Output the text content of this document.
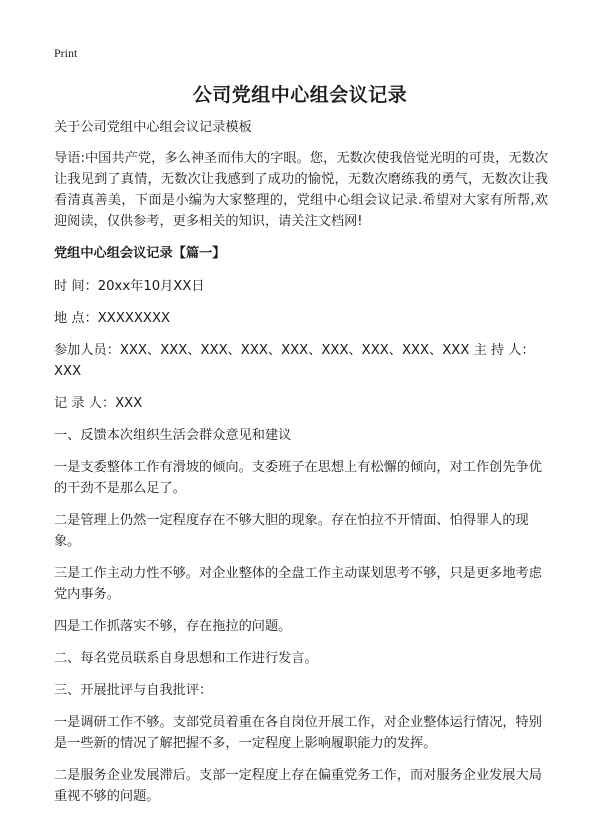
Print
公司党组中心组会议记录

关于公司党组中心组会议记录模板

导语:中国共产党，多么神圣而伟大的字眼。您，无数次使我倍觉光明的可贵，无数次让我见到了真情，无数次让我感到了成功的愉悦，无数次磨练我的勇气，无数次让我看清真善美，下面是小编为大家整理的，党组中心组会议记录.希望对大家有所帮,欢迎阅读，仅供参考，更多相关的知识，请关注文档网!

党组中心组会议记录【篇一】

时 间：20xx年10月XX日

地 点：XXXXXXXX

参加人员：XXX、XXX、XXX、XXX、XXX、XXX、XXX、XXX、XXX 主 持 人：XXX

记 录 人：XXX

一、反馈本次组织生活会群众意见和建议

一是支委整体工作有滑坡的倾向。支委班子在思想上有松懈的倾向，对工作创先争优的干劲不是那么足了。

二是管理上仍然一定程度存在不够大胆的现象。存在怕拉不开情面、怕得罪人的现象。

三是工作主动力性不够。对企业整体的全盘工作主动谋划思考不够，只是更多地考虑党内事务。

四是工作抓落实不够，存在拖拉的问题。

二、每名党员联系自身思想和工作进行发言。

三、开展批评与自我批评：

一是调研工作不够。支部党员着重在各自岗位开展工作，对企业整体运行情况，特别是一些新的情况了解把握不多，一定程度上影响履职能力的发挥。

二是服务企业发展滞后。支部一定程度上存在偏重党务工作，而对服务企业发展大局重视不够的问题。
